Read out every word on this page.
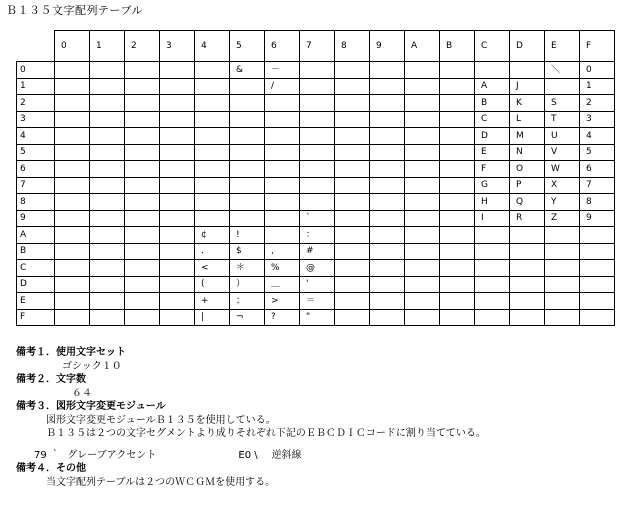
Ｂ１３５文字配列テーブル
	0	1	2	3	4	5	6	7	8	9	A	B	C	D	E	F
0						&	－								＼	0
1							/						A	J		1
2													B	K	S	2
3													C	L	T	3
4													D	M	U	4
5													E	N	V	5
6													F	O	W	6
7													G	P	X	7
8													H	Q	Y	8
9								`					I	R	Z	9
A					¢	!		：								
B					．	$	，	#								
C					<	＊	%	@								
D					(	）	＿	'								
E					+	；	>	＝								
F					|	¬	?	"								
備考１．使用文字セット
ゴシック１０
備考２．文字数
６４
備考３．図形文字変更モジュール
図形文字変更モジュールＢ１３５を使用している。
Ｂ１３５は２つの文字セグメントより成りそれぞれ下記のＥＢＣＤＩＣコードに割り当てている。
79 ｀ グレーブアクセント	E0 \ 逆斜線
備考４．その他
当文字配列テーブルは２つのＷＣＧＭを使用する。
